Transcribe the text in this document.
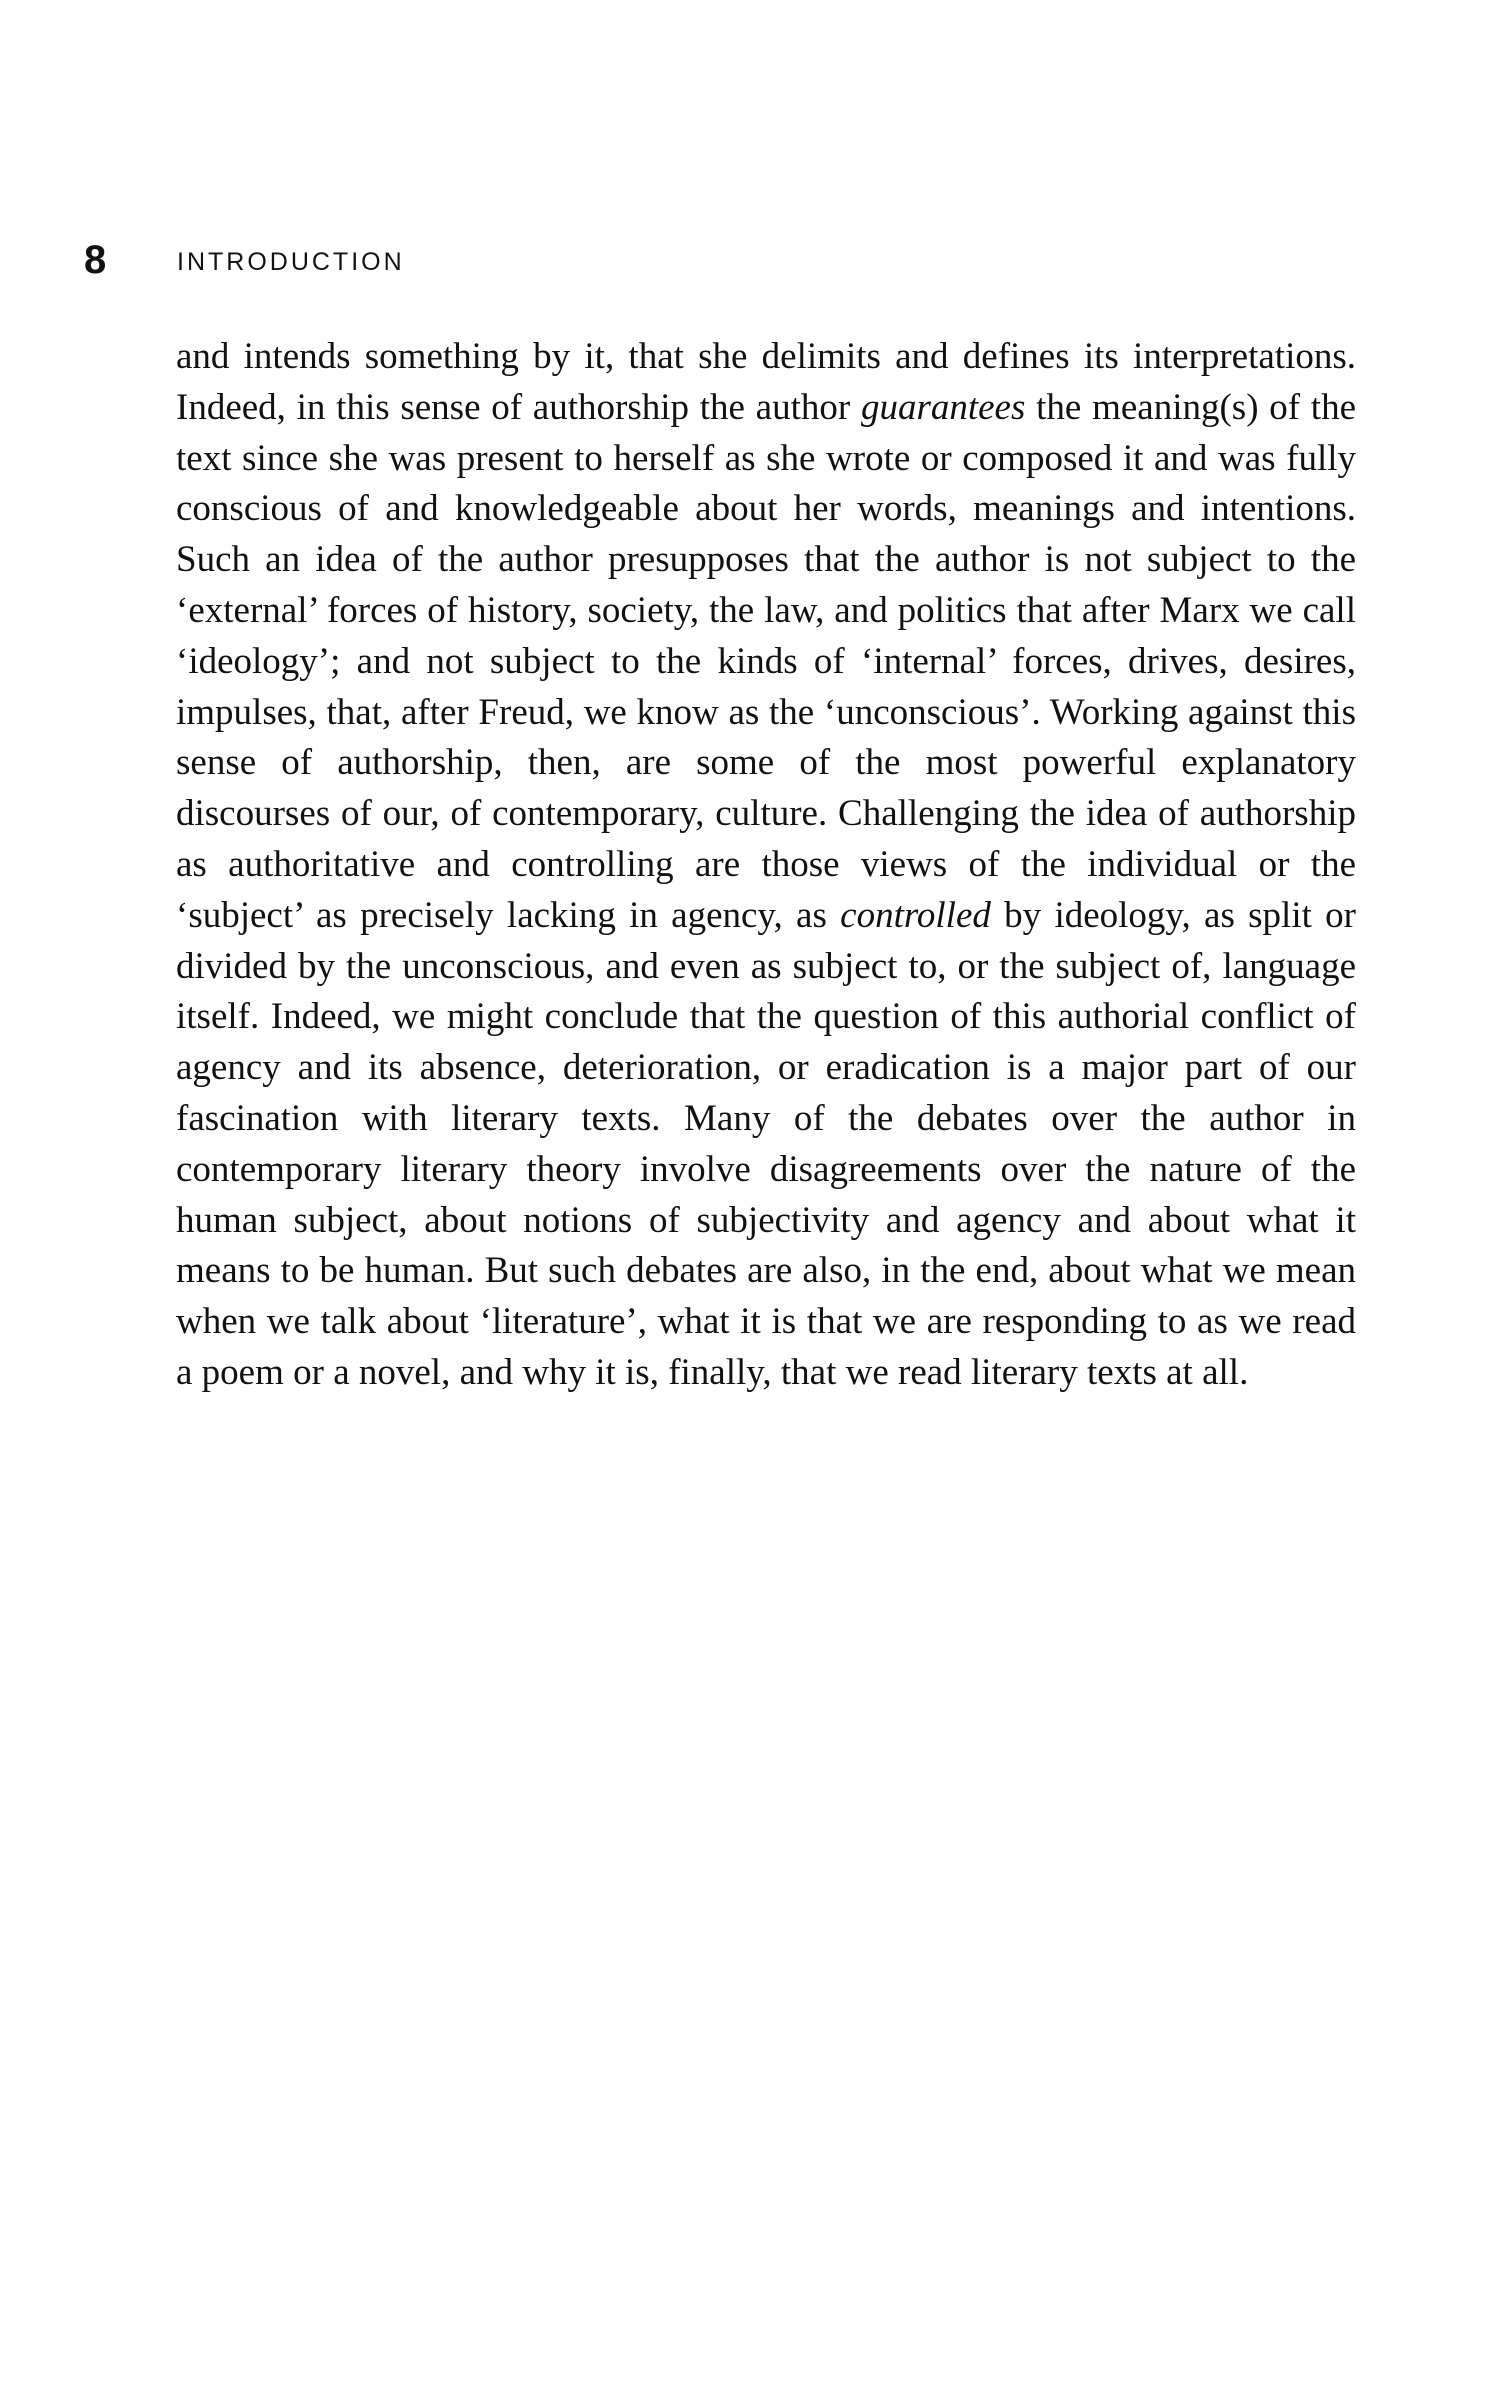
8	INTRODUCTION

and intends something by it, that she delimits and defines its interpretations. Indeed, in this sense of authorship the author guarantees the meaning(s) of the text since she was present to herself as she wrote or composed it and was fully conscious of and knowledgeable about her words, meanings and intentions. Such an idea of the author presupposes that the author is not subject to the ‘external’ forces of history, society, the law, and politics that after Marx we call ‘ideology’; and not subject to the kinds of ‘internal’ forces, drives, desires, impulses, that, after Freud, we know as the ‘unconscious’. Working against this sense of authorship, then, are some of the most powerful explanatory discourses of our, of contemporary, culture. Challenging the idea of authorship as authoritative and controlling are those views of the individual or the ‘subject’ as precisely lacking in agency, as controlled by ideology, as split or divided by the unconscious, and even as subject to, or the subject of, language itself. Indeed, we might conclude that the question of this authorial conflict of agency and its absence, deterioration, or eradication is a major part of our fascination with literary texts. Many of the debates over the author in contemporary literary theory involve disagreements over the nature of the human subject, about notions of subjectivity and agency and about what it means to be human. But such debates are also, in the end, about what we mean when we talk about ‘literature’, what it is that we are responding to as we read a poem or a novel, and why it is, finally, that we read literary texts at all.
